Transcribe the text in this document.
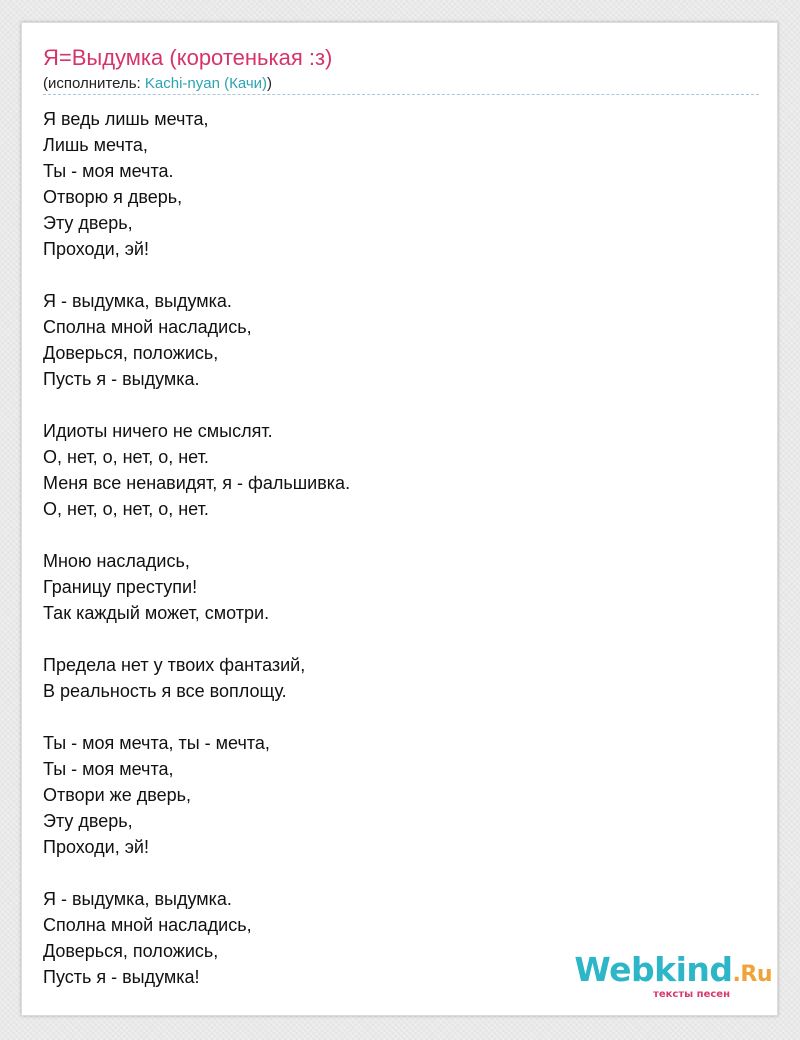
Я=Выдумка (коротенькая :з)
(исполнитель: Kachi-nyan (Качи))
Я ведь лишь мечта,
Лишь мечта,
Ты - моя мечта.
Отворю я дверь,
Эту дверь,
Проходи, эй!
Я - выдумка, выдумка.
Сполна мной насладись,
Доверься, положись,
Пусть я - выдумка.
Идиоты ничего не смыслят.
О, нет, о, нет, о, нет.
Меня все ненавидят, я - фальшивка.
О, нет, о, нет, о, нет.
Мною насладись,
Границу преступи!
Так каждый может, смотри.
Предела нет у твоих фантазий,
В реальность я все воплощу.
Ты - моя мечта, ты - мечта,
Ты - моя мечта,
Отвори же дверь,
Эту дверь,
Проходи, эй!
Я - выдумка, выдумка.
Сполна мной насладись,
Доверься, положись,
Пусть я - выдумка!	Webkind.Ru
тексты песен
